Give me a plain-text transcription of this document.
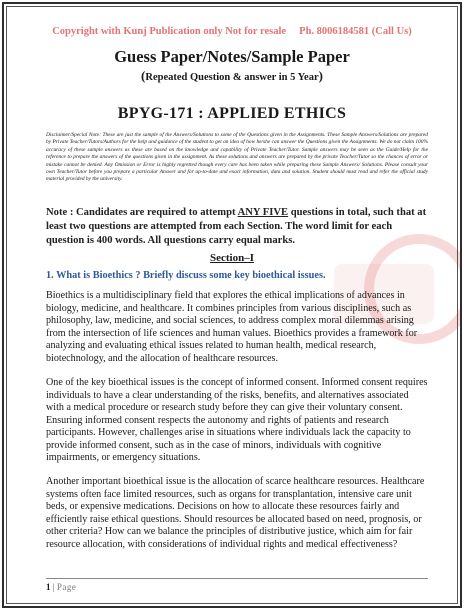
Copyright with Kunj Publication only Not for resale     Ph. 8006184581 (Call Us)
Guess Paper/Notes/Sample Paper
(Repeated Question & answer in 5 Year)
BPYG-171 : APPLIED ETHICS
Disclaimer/Special Note: These are just the sample of the Answers/Solutions to some of the Questions given in the Assignments. These Sample Answers/Solutions are prepared by Private Teacher/Tutors/Authors for the help and guidance of the student to get an idea of how he/she can answer the Questions given the Assignments. We do not claim 100% accuracy of these sample answers as these are based on the knowledge and capability of Private Teacher/Tutor. Sample answers may be seen as the Guide/Help for the reference to prepare the answers of the questions given in the assignment. As these solutions and answers are prepared by the private Teacher/Tutor so the chances of error or mistake cannot be denied. Any Omission or Error is highly regretted though every care has been taken while preparing these Sample Answers/ Solutions. Please consult your own Teacher/Tutor before you prepare a particular Answer and for up-to-date and exact information, data and solution. Student should must read and refer the official study material provided by the university.
Note : Candidates are required to attempt ANY FIVE questions in total, such that at least two questions are attempted from each Section. The word limit for each question is 400 words. All questions carry equal marks.
Section–I
1. What is Bioethics ? Briefly discuss some key bioethical issues.
Bioethics is a multidisciplinary field that explores the ethical implications of advances in biology, medicine, and healthcare. It combines principles from various disciplines, such as philosophy, law, medicine, and social sciences, to address complex moral dilemmas arising from the intersection of life sciences and human values. Bioethics provides a framework for analyzing and evaluating ethical issues related to human health, medical research, biotechnology, and the allocation of healthcare resources.
One of the key bioethical issues is the concept of informed consent. Informed consent requires individuals to have a clear understanding of the risks, benefits, and alternatives associated with a medical procedure or research study before they can give their voluntary consent. Ensuring informed consent respects the autonomy and rights of patients and research participants. However, challenges arise in situations where individuals lack the capacity to provide informed consent, such as in the case of minors, individuals with cognitive impairments, or emergency situations.
Another important bioethical issue is the allocation of scarce healthcare resources. Healthcare systems often face limited resources, such as organs for transplantation, intensive care unit beds, or expensive medications. Decisions on how to allocate these resources fairly and efficiently raise ethical questions. Should resources be allocated based on need, prognosis, or other criteria? How can we balance the principles of distributive justice, which aim for fair resource allocation, with considerations of individual rights and medical effectiveness?
1 | Page
